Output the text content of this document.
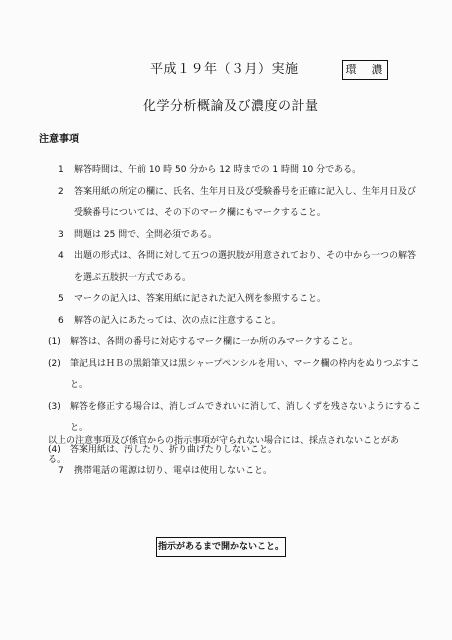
平成１９年（３月）実施	環　濃
化学分析概論及び濃度の計量
注意事項
1	解答時間は、午前 10 時 50 分から 12 時までの 1 時間 10 分である。
2	答案用紙の所定の欄に、氏名、生年月日及び受験番号を正確に記入し、生年月日及び受験番号については、その下のマーク欄にもマークすること。
3	問題は 25 問で、全問必須である。
4	出題の形式は、各問に対して五つの選択肢が用意されており、その中から一つの解答を選ぶ五肢択一方式である。
5	マークの記入は、答案用紙に記された記入例を参照すること。
6	解答の記入にあたっては、次の点に注意すること。
(1)	解答は、各問の番号に対応するマーク欄に一か所のみマークすること。
(2)	筆記具はＨＢの黒鉛筆又は黒シャープペンシルを用い、マーク欄の枠内をぬりつぶすこと。
(3)	解答を修正する場合は、消しゴムできれいに消して、消しくずを残さないようにすること。
(4)	答案用紙は、汚したり、折り曲げたりしないこと。
7	携帯電話の電源は切り、電卓は使用しないこと。
以上の注意事項及び係官からの指示事項が守られない場合には、採点されないことがある。
指示があるまで開かないこと。
